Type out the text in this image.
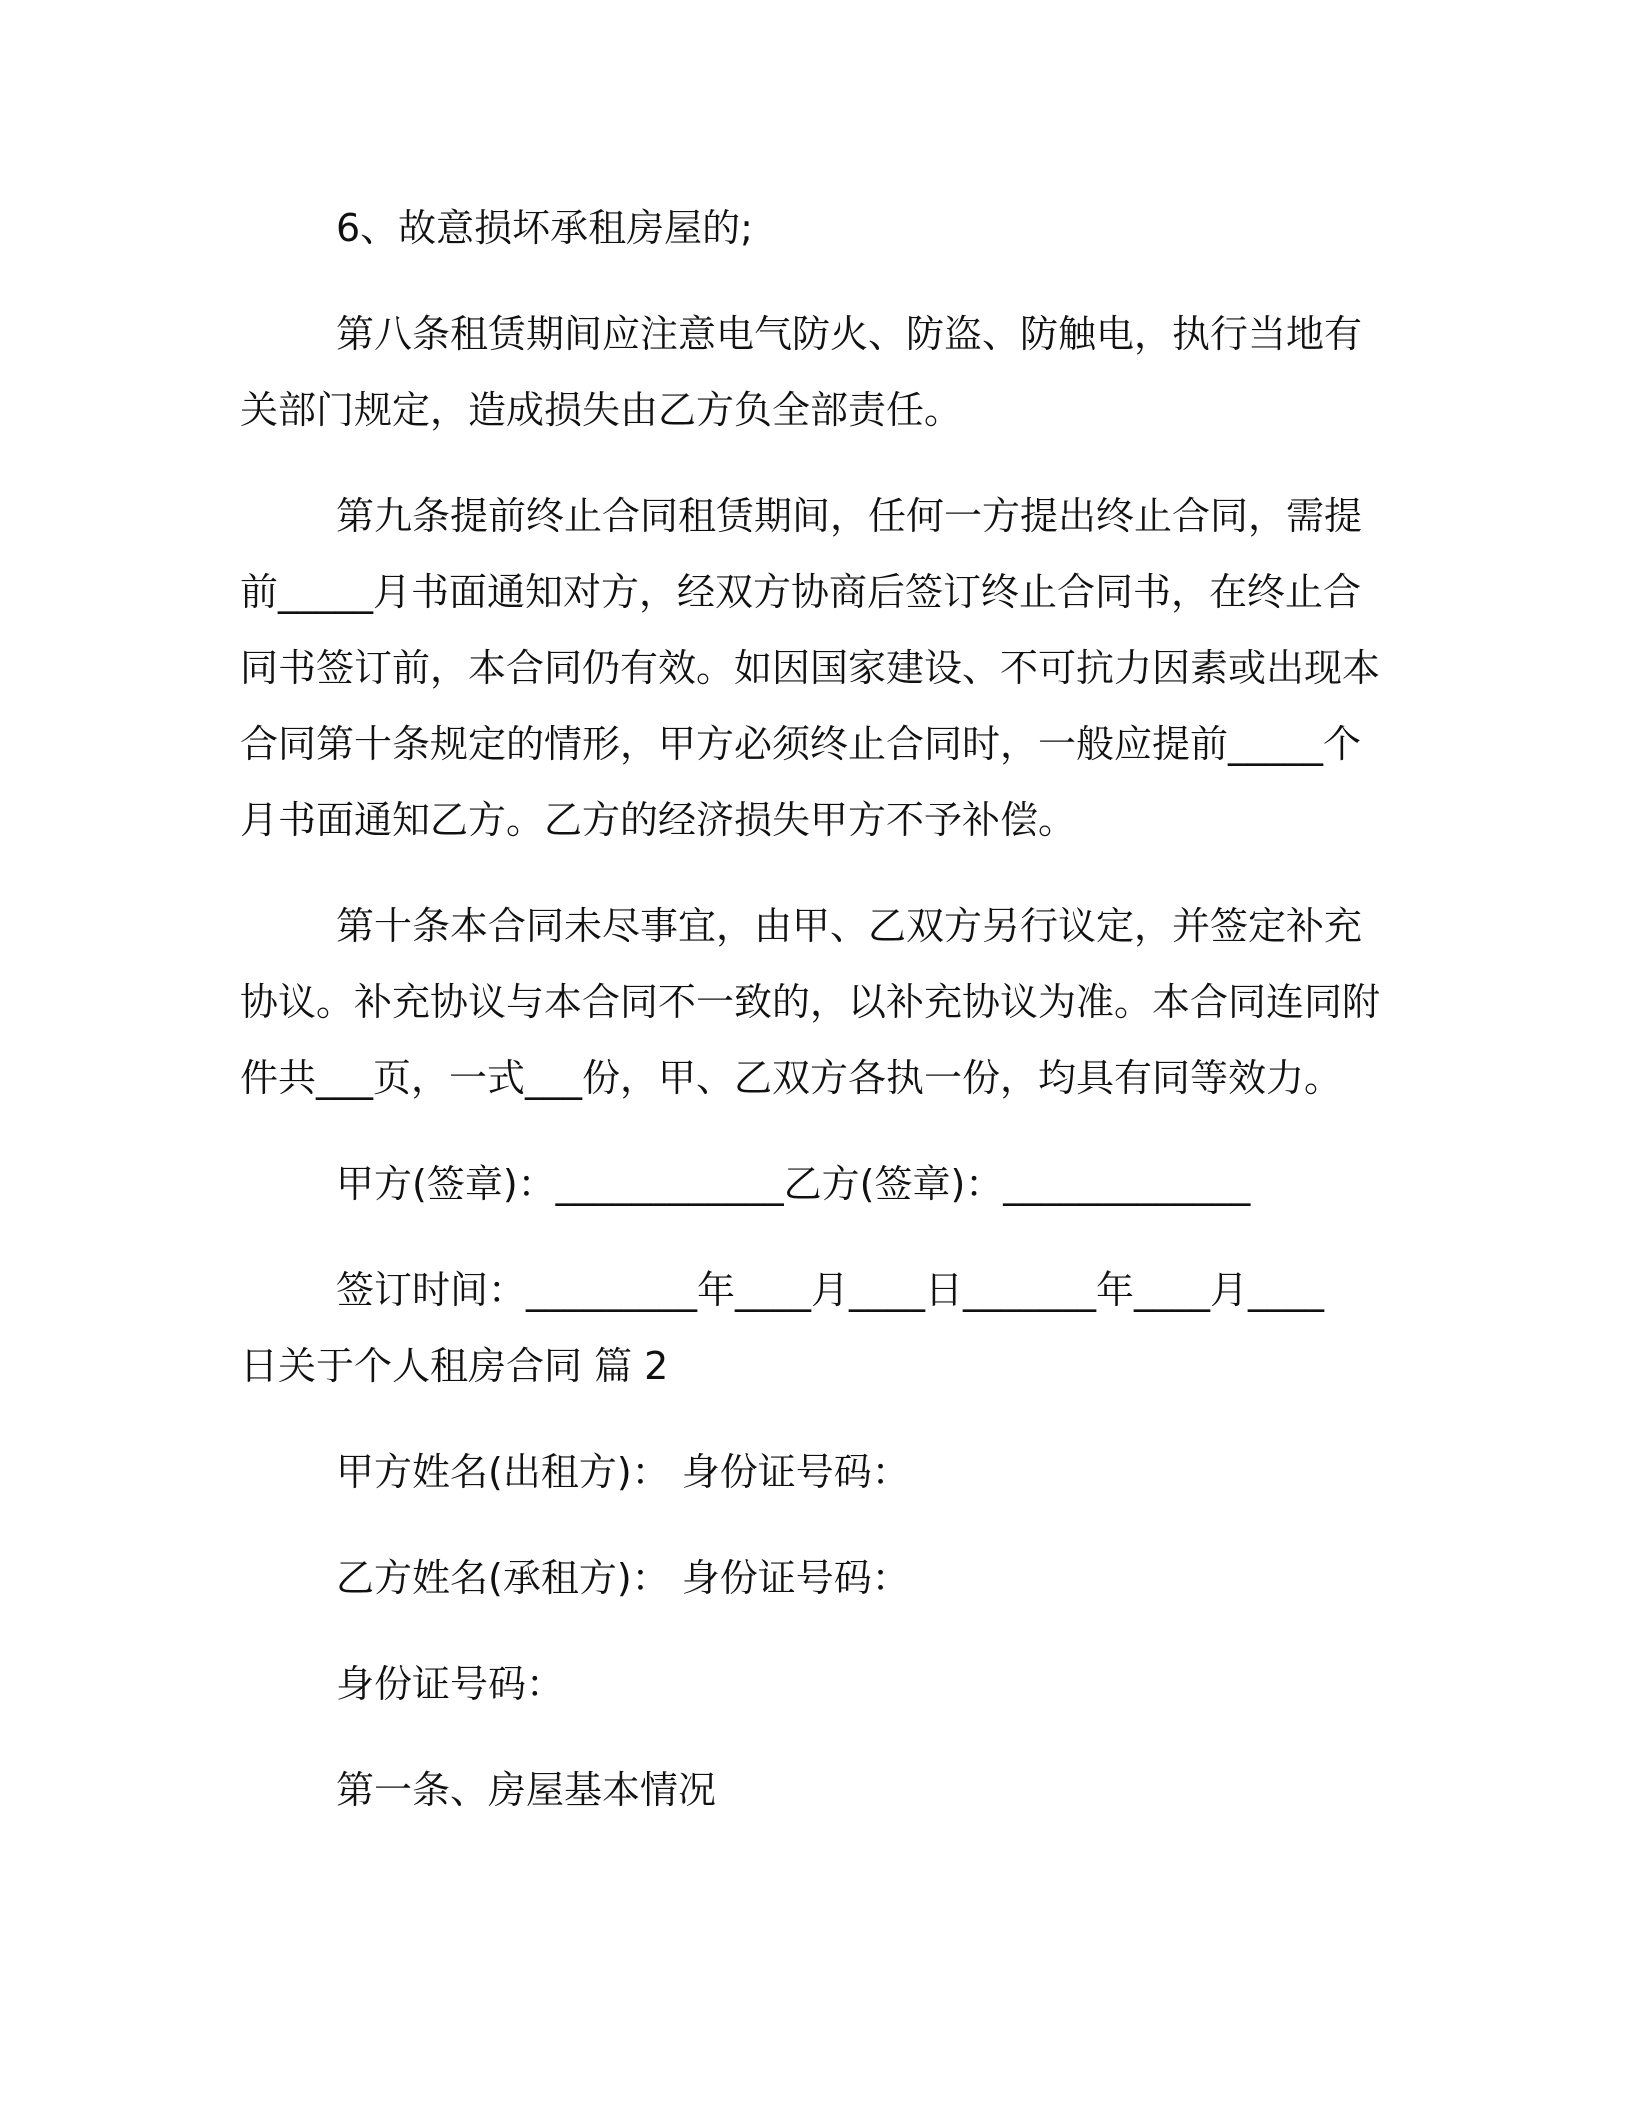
6、故意损坏承租房屋的;

第八条租赁期间应注意电气防火、防盗、防触电，执行当地有关部门规定，造成损失由乙方负全部责任。

第九条提前终止合同租赁期间，任何一方提出终止合同，需提前_____月书面通知对方，经双方协商后签订终止合同书，在终止合同书签订前，本合同仍有效。如因国家建设、不可抗力因素或出现本合同第十条规定的情形，甲方必须终止合同时，一般应提前_____个月书面通知乙方。乙方的经济损失甲方不予补偿。

第十条本合同未尽事宜，由甲、乙双方另行议定，并签定补充协议。补充协议与本合同不一致的，以补充协议为准。本合同连同附件共___页，一式___份，甲、乙双方各执一份，均具有同等效力。

甲方(签章)：____________乙方(签章)：_____________

签订时间：_________年____月____日_______年____月____
日关于个人租房合同 篇 2

甲方姓名(出租方)： 身份证号码：

乙方姓名(承租方)： 身份证号码：

身份证号码：

第一条、房屋基本情况
